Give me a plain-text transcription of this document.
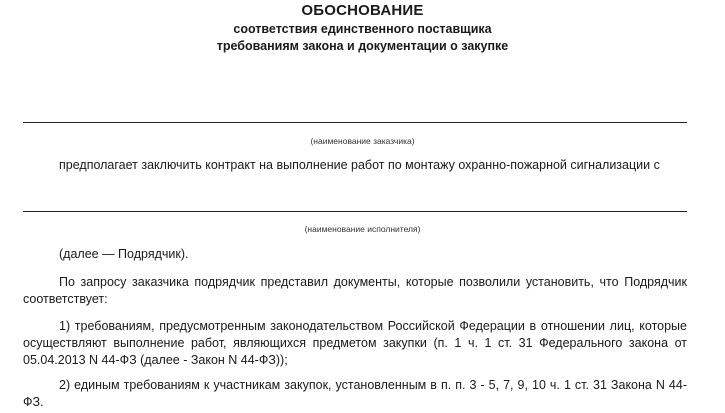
ОБОСНОВАНИЕ
соответствия единственного поставщика
требованиям закона и документации о закупке
(наименование заказчика)
предполагает заключить контракт на выполнение работ по монтажу охранно-пожарной сигнализации с
(наименование исполнителя)
(далее — Подрядчик).
По запросу заказчика подрядчик представил документы, которые позволили установить, что Подрядчик соответствует:
1) требованиям, предусмотренным законодательством Российской Федерации в отношении лиц, которые осуществляют выполнение работ, являющихся предметом закупки (п. 1 ч. 1 ст. 31 Федерального закона от 05.04.2013 N 44-ФЗ (далее - Закон N 44-ФЗ));
2) единым требованиям к участникам закупок, установленным в п. п. 3 - 5, 7, 9, 10 ч. 1 ст. 31 Закона N 44-ФЗ.
